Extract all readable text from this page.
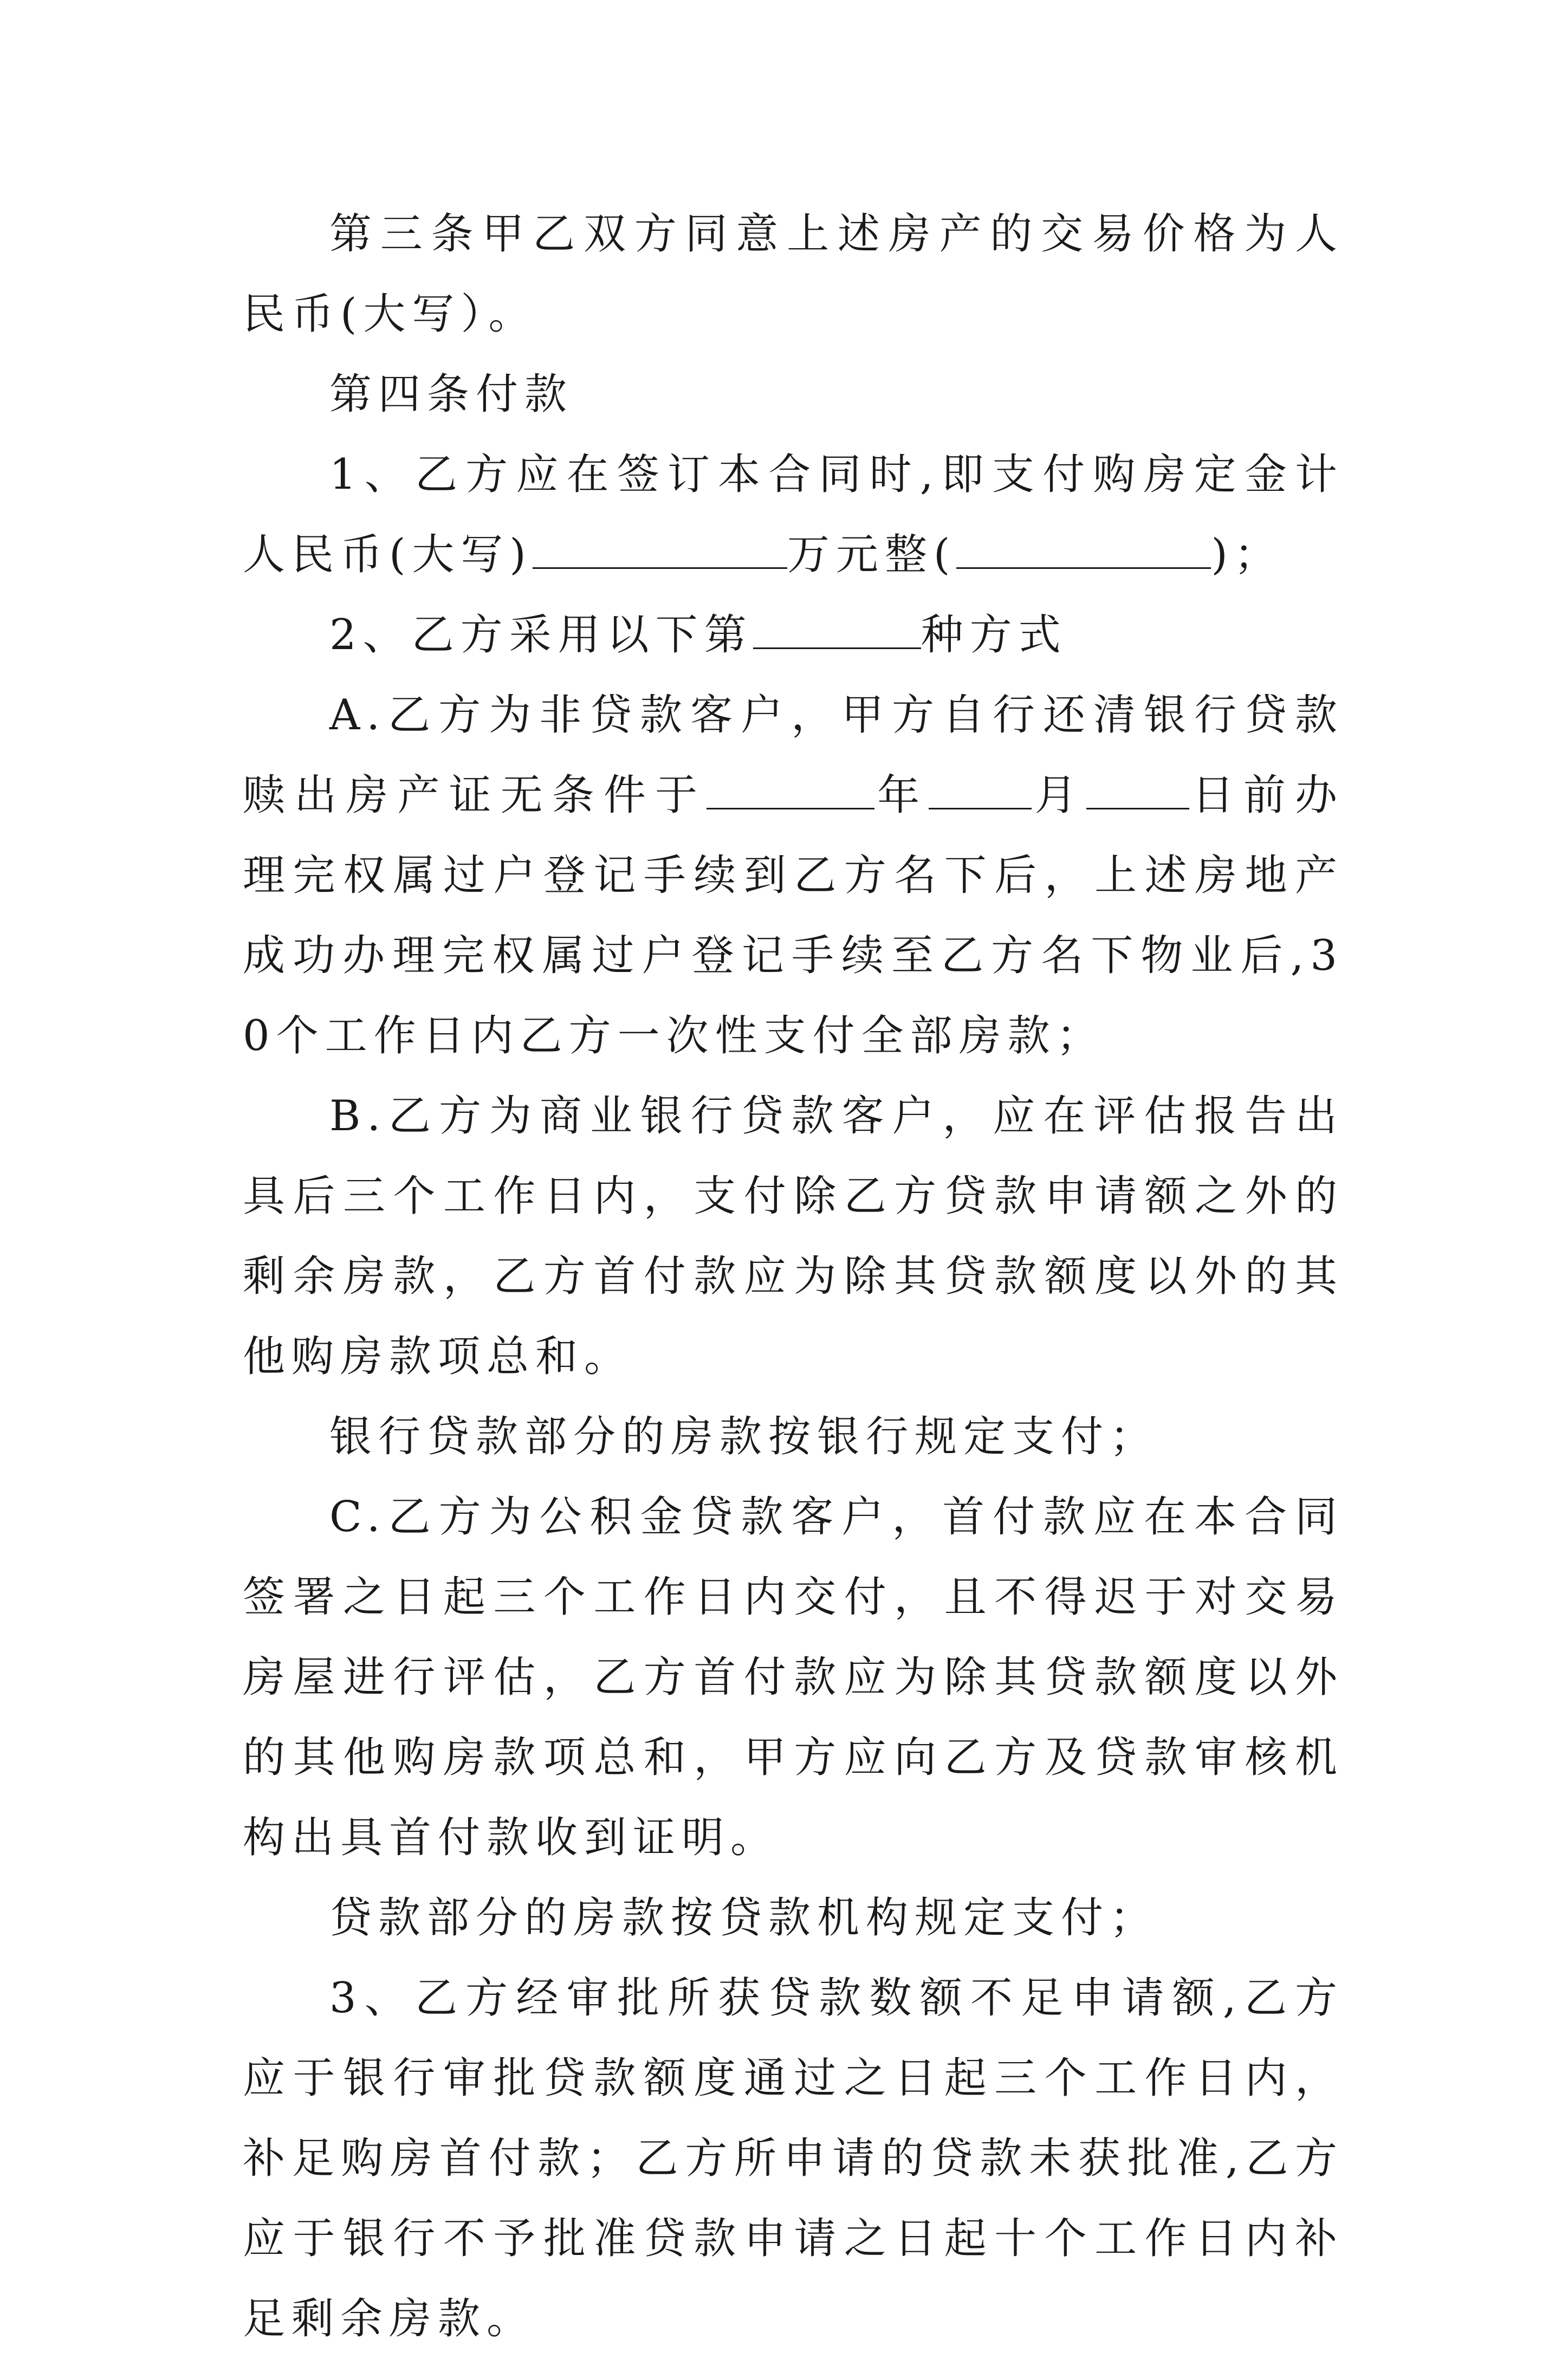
第三条甲乙双方同意上述房产的交易价格为人民币(大写）。

第四条付款

1、乙方应在签订本合同时,即支付购房定金计人民币(大写)	万元整(	)；

2、乙方采用以下第	种方式

A.乙方为非贷款客户，甲方自行还清银行贷款赎出房产证无条件于	年 月 日前办理完权属过户登记手续到乙方名下后，上述房地产成功办理完权属过户登记手续至乙方名下物业后,30个工作日内乙方一次性支付全部房款；

B.乙方为商业银行贷款客户，应在评估报告出具后三个工作日内，支付除乙方贷款申请额之外的剩余房款，乙方首付款应为除其贷款额度以外的其他购房款项总和。

银行贷款部分的房款按银行规定支付；

C.乙方为公积金贷款客户，首付款应在本合同签署之日起三个工作日内交付，且不得迟于对交易房屋进行评估，乙方首付款应为除其贷款额度以外的其他购房款项总和，甲方应向乙方及贷款审核机构出具首付款收到证明。

贷款部分的房款按贷款机构规定支付；

3、乙方经审批所获贷款数额不足申请额,乙方应于银行审批贷款额度通过之日起三个工作日内，补足购房首付款；乙方所申请的贷款未获批准,乙方应于银行不予批准贷款申请之日起十个工作日内补足剩余房款。
